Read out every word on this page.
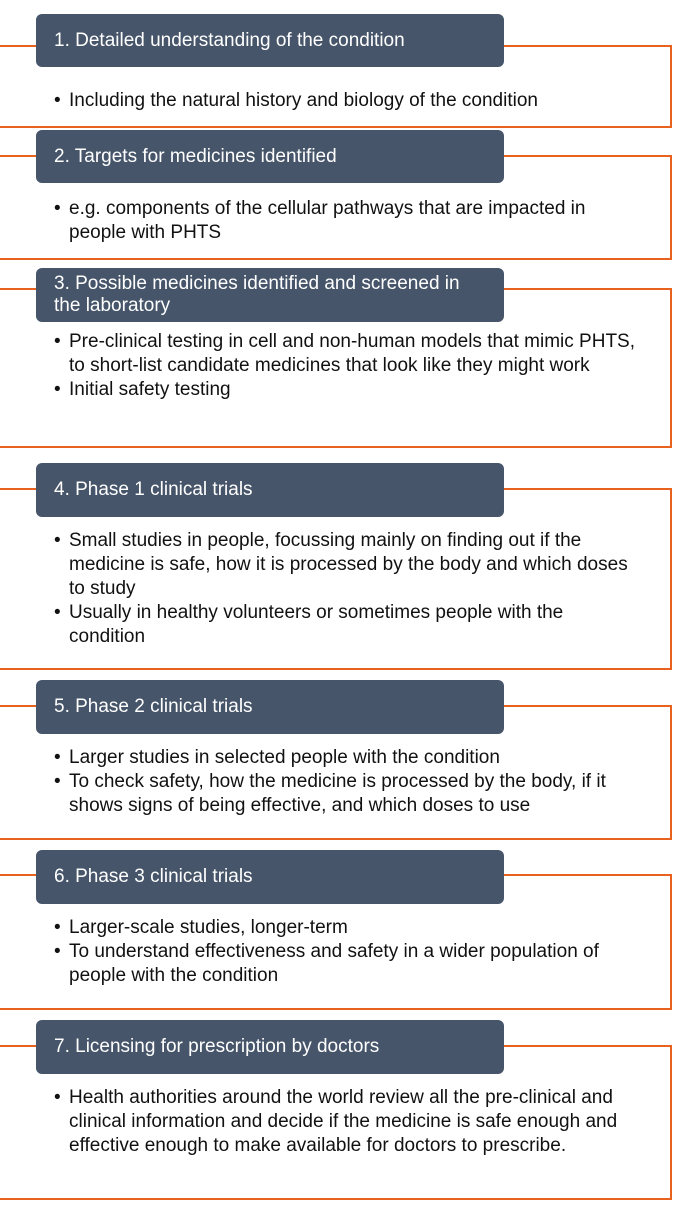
1. Detailed understanding of the condition
• Including the natural history and biology of the condition
2. Targets for medicines identified
• e.g. components of the cellular pathways that are impacted in people with PHTS
3. Possible medicines identified and screened in the laboratory
• Pre-clinical testing in cell and non-human models that mimic PHTS, to short-list candidate medicines that look like they might work
• Initial safety testing
4. Phase 1 clinical trials
• Small studies in people, focussing mainly on finding out if the medicine is safe, how it is processed by the body and which doses to study
• Usually in healthy volunteers or sometimes people with the condition
5. Phase 2 clinical trials
• Larger studies in selected people with the condition
• To check safety, how the medicine is processed by the body, if it shows signs of being effective, and which doses to use
6. Phase 3 clinical trials
• Larger-scale studies, longer-term
• To understand effectiveness and safety in a wider population of people with the condition
7. Licensing for prescription by doctors
• Health authorities around the world review all the pre-clinical and clinical information and decide if the medicine is safe enough and effective enough to make available for doctors to prescribe.
